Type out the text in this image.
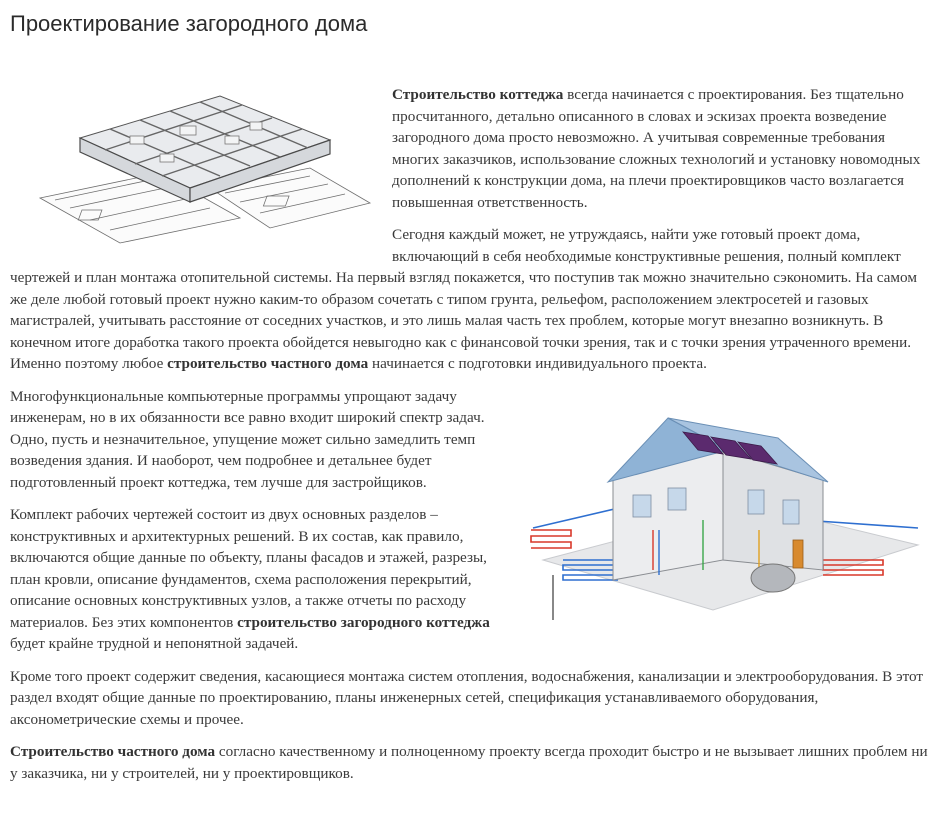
Проектирование загородного дома

Строительство коттеджа всегда начинается с проектирования. Без тщательно просчитанного, детально описанного в словах и эскизах проекта возведение загородного дома просто невозможно. А учитывая современные требования многих заказчиков, использование сложных технологий и установку новомодных дополнений к конструкции дома, на плечи проектировщиков часто возлагается повышенная ответственность.

Сегодня каждый может, не утруждаясь, найти уже готовый проект дома, включающий в себя необходимые конструктивные решения, полный комплект чертежей и план монтажа отопительной системы. На первый взгляд покажется, что поступив так можно значительно сэкономить. На самом же деле любой готовый проект нужно каким-то образом сочетать с типом грунта, рельефом, расположением электросетей и газовых магистралей, учитывать расстояние от соседних участков, и это лишь малая часть тех проблем, которые могут внезапно возникнуть. В конечном итоге доработка такого проекта обойдется невыгодно как с финансовой точки зрения, так и с точки зрения утраченного времени. Именно поэтому любое строительство частного дома начинается с подготовки индивидуального проекта.

Многофункциональные компьютерные программы упрощают задачу инженерам, но в их обязанности все равно входит широкий спектр задач. Одно, пусть и незначительное, упущение может сильно замедлить темп возведения здания. И наоборот, чем подробнее и детальнее будет подготовленный проект коттеджа, тем лучше для застройщиков.

Комплект рабочих чертежей состоит из двух основных разделов – конструктивных и архитектурных решений. В их состав, как правило, включаются общие данные по объекту, планы фасадов и этажей, разрезы, план кровли, описание фундаментов, схема расположения перекрытий, описание основных конструктивных узлов, а также отчеты по расходу материалов. Без этих компонентов строительство загородного коттеджа будет крайне трудной и непонятной задачей.

Кроме того проект содержит сведения, касающиеся монтажа систем отопления, водоснабжения, канализации и электрооборудования. В этот раздел входят общие данные по проектированию, планы инженерных сетей, спецификация устанавливаемого оборудования, аксонометрические схемы и прочее.

Строительство частного дома согласно качественному и полноценному проекту всегда проходит быстро и не вызывает лишних проблем ни у заказчика, ни у строителей, ни у проектировщиков.
